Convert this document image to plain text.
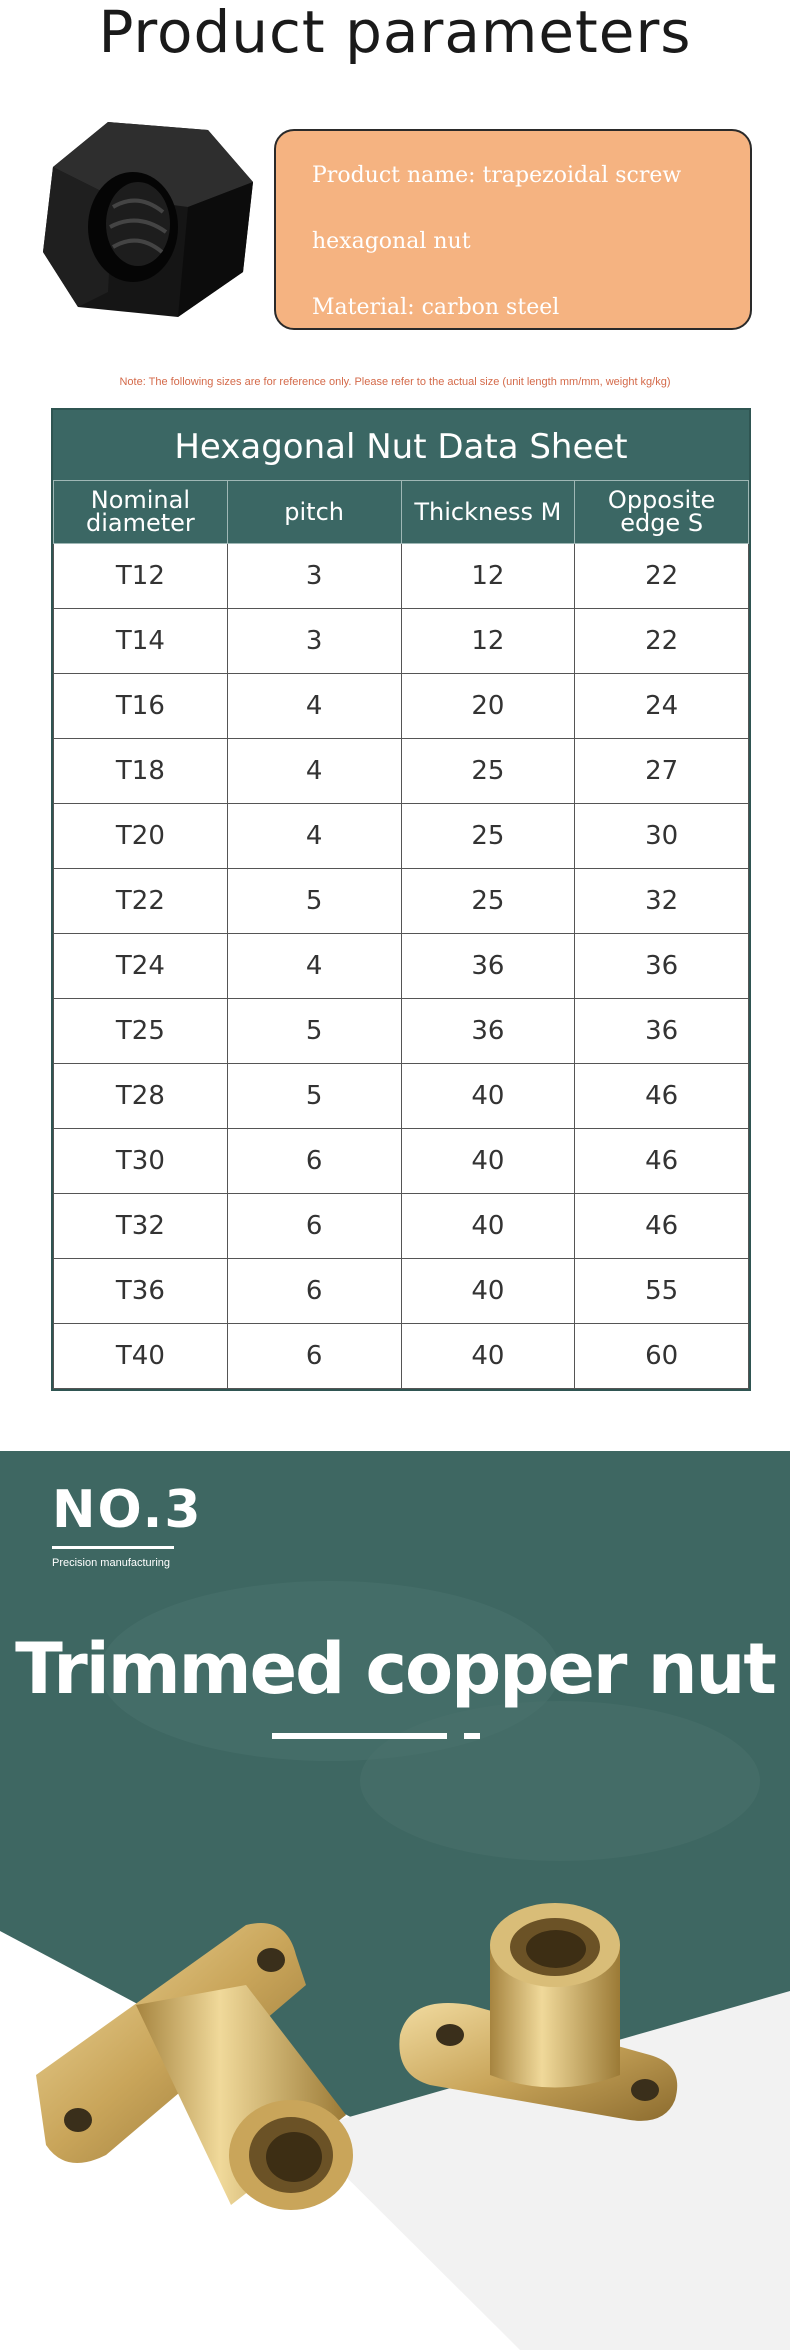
Product parameters

Product name: trapezoidal screw

hexagonal nut

Material: carbon steel

Note: The following sizes are for reference only. Please refer to the actual size (unit length mm/mm, weight kg/kg)
Hexagonal Nut Data Sheet
Nominal diameter	pitch	Thickness M	Opposite edge S
T12	3	12	22
T14	3	12	22
T16	4	20	24
T18	4	25	27
T20	4	25	30
T22	5	25	32
T24	4	36	36
T25	5	36	36
T28	5	40	46
T30	6	40	46
T32	6	40	46
T36	6	40	55
T40	6	40	60
NO.3
Precision manufacturing
Trimmed copper nut
